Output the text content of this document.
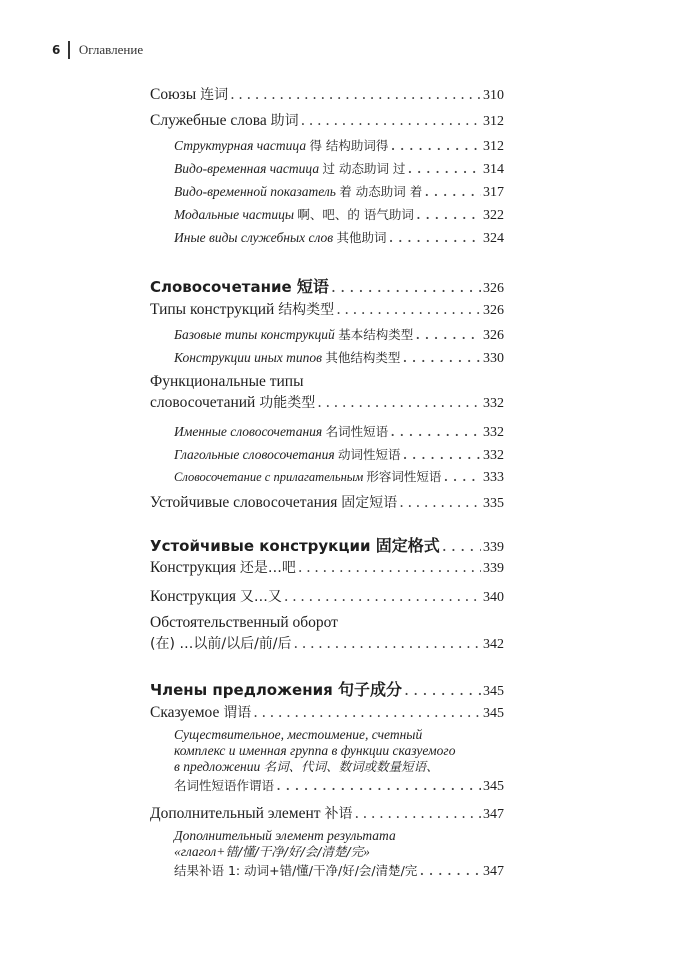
6 Оглавление
Союзы 连词 . . .	310
Служебные слова 助词 . . .	312
Структурная частица 得 结构助词得 . . .	312
Видо-временная частица 过 动态助词 过 . . .	314
Видо-временной показатель 着 动态助词 着 . . .	317
Модальные частицы 啊、吧、的 语气助词 . . .	322
Иные виды служебных слов 其他助词 . . .	324
Словосочетание 短语 . . .	326
Типы конструкций 结构类型 . . .	326
Базовые типы конструкций 基本结构类型 . . .	326
Конструкции иных типов 其他结构类型 . . .	330
Функциональные типы
словосочетаний 功能类型 . . .	332
Именные словосочетания 名词性短语 . . .	332
Глагольные словосочетания 动词性短语 . . .	332
Словосочетание с прилагательным 形容词性短语 . . .	333
Устойчивые словосочетания 固定短语 . . .	335
Устойчивые конструкции 固定格式 . . .	339
Конструкция 还是…吧 . . .	339
Конструкция 又…又 . . .	340
Обстоятельственный оборот
(在) …以前/以后/前/后 . . .	342
Члены предложения 句子成分 . . .	345
Сказуемое 谓语 . . .	345
Существительное, местоимение, счетный
комплекс и именная группа в функции сказуемого
в предложении 名词、代词、数词或数量短语、
名词性短语作谓语 . . .	345
Дополнительный элемент 补语 . . .	347
Дополнительный элемент результата
«глагол+错/懂/干净/好/会/清楚/完»
结果补语 1: 动词+错/懂/干净/好/会/清楚/完 . . .	347
